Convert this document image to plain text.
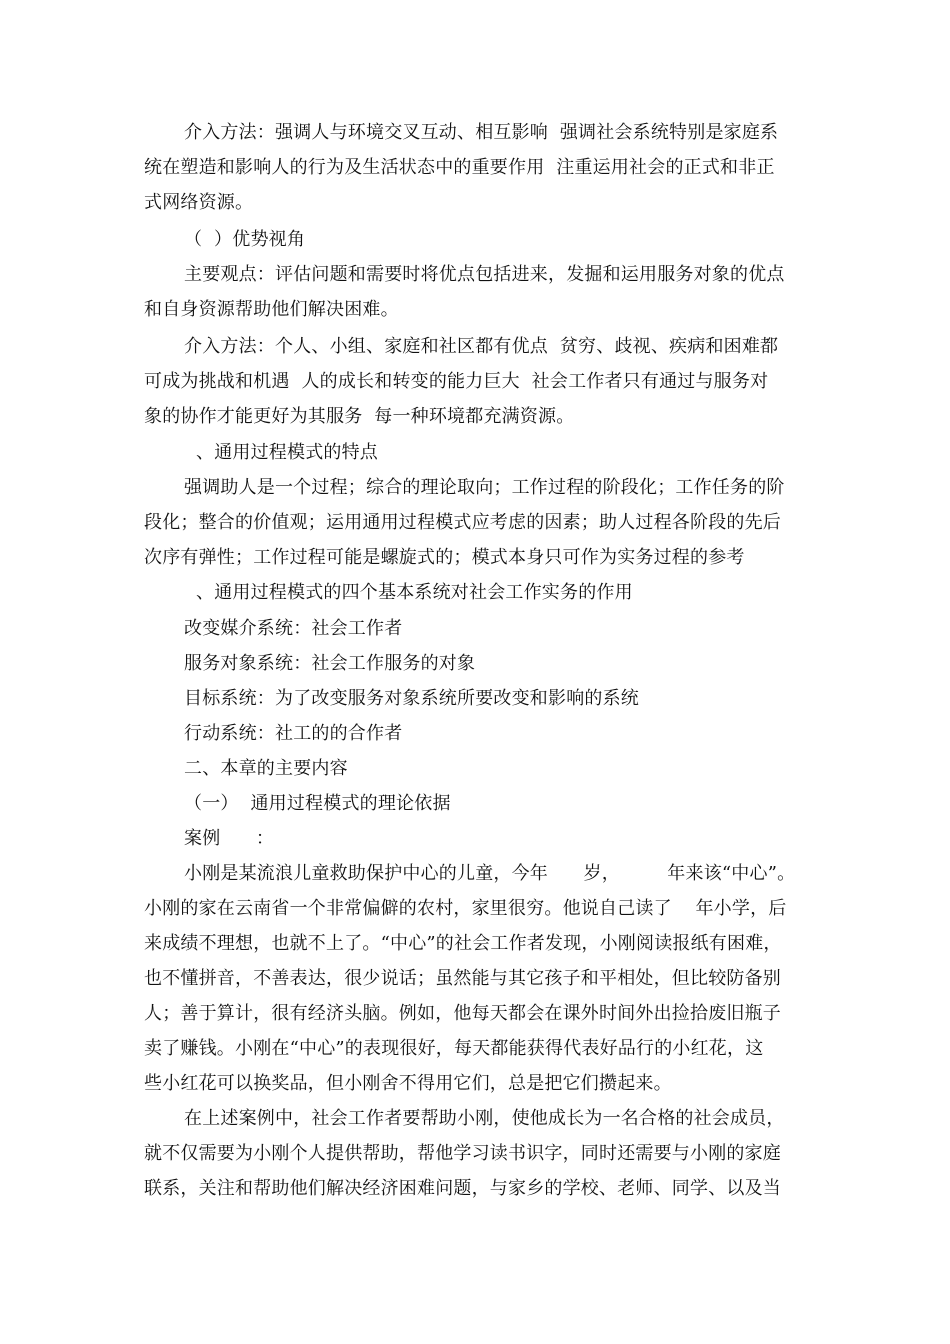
介入方法：强调人与环境交叉互动、相互影响  强调社会系统特别是家庭系
统在塑造和影响人的行为及生活状态中的重要作用  注重运用社会的正式和非正
式网络资源。
（  ）优势视角
主要观点：评估问题和需要时将优点包括进来，发掘和运用服务对象的优点
和自身资源帮助他们解决困难。
介入方法：个人、小组、家庭和社区都有优点  贫穷、歧视、疾病和困难都
可成为挑战和机遇  人的成长和转变的能力巨大  社会工作者只有通过与服务对
象的协作才能更好为其服务  每一种环境都充满资源。
、通用过程模式的特点
强调助人是一个过程；综合的理论取向；工作过程的阶段化；工作任务的阶
段化；整合的价值观；运用通用过程模式应考虑的因素；助人过程各阶段的先后
次序有弹性；工作过程可能是螺旋式的；模式本身只可作为实务过程的参考
、通用过程模式的四个基本系统对社会工作实务的作用
改变媒介系统：社会工作者
服务对象系统：社会工作服务的对象
目标系统：为了改变服务对象系统所要改变和影响的系统
行动系统：社工的的合作者
二、本章的主要内容
（一）  通用过程模式的理论依据
案例      ：
小刚是某流浪儿童救助保护中心的儿童，今年      岁，        年来该“中心”。
小刚的家在云南省一个非常偏僻的农村，家里很穷。他说自己读了    年小学，后
来成绩不理想，也就不上了。“中心”的社会工作者发现，小刚阅读报纸有困难，
也不懂拼音，不善表达，很少说话；虽然能与其它孩子和平相处，但比较防备别
人；善于算计，很有经济头脑。例如，他每天都会在课外时间外出捡拾废旧瓶子
卖了赚钱。小刚在“中心”的表现很好，每天都能获得代表好品行的小红花，这
些小红花可以换奖品，但小刚舍不得用它们，总是把它们攒起来。
在上述案例中，社会工作者要帮助小刚，使他成长为一名合格的社会成员，
就不仅需要为小刚个人提供帮助，帮他学习读书识字，同时还需要与小刚的家庭
联系，关注和帮助他们解决经济困难问题，与家乡的学校、老师、同学、以及当
